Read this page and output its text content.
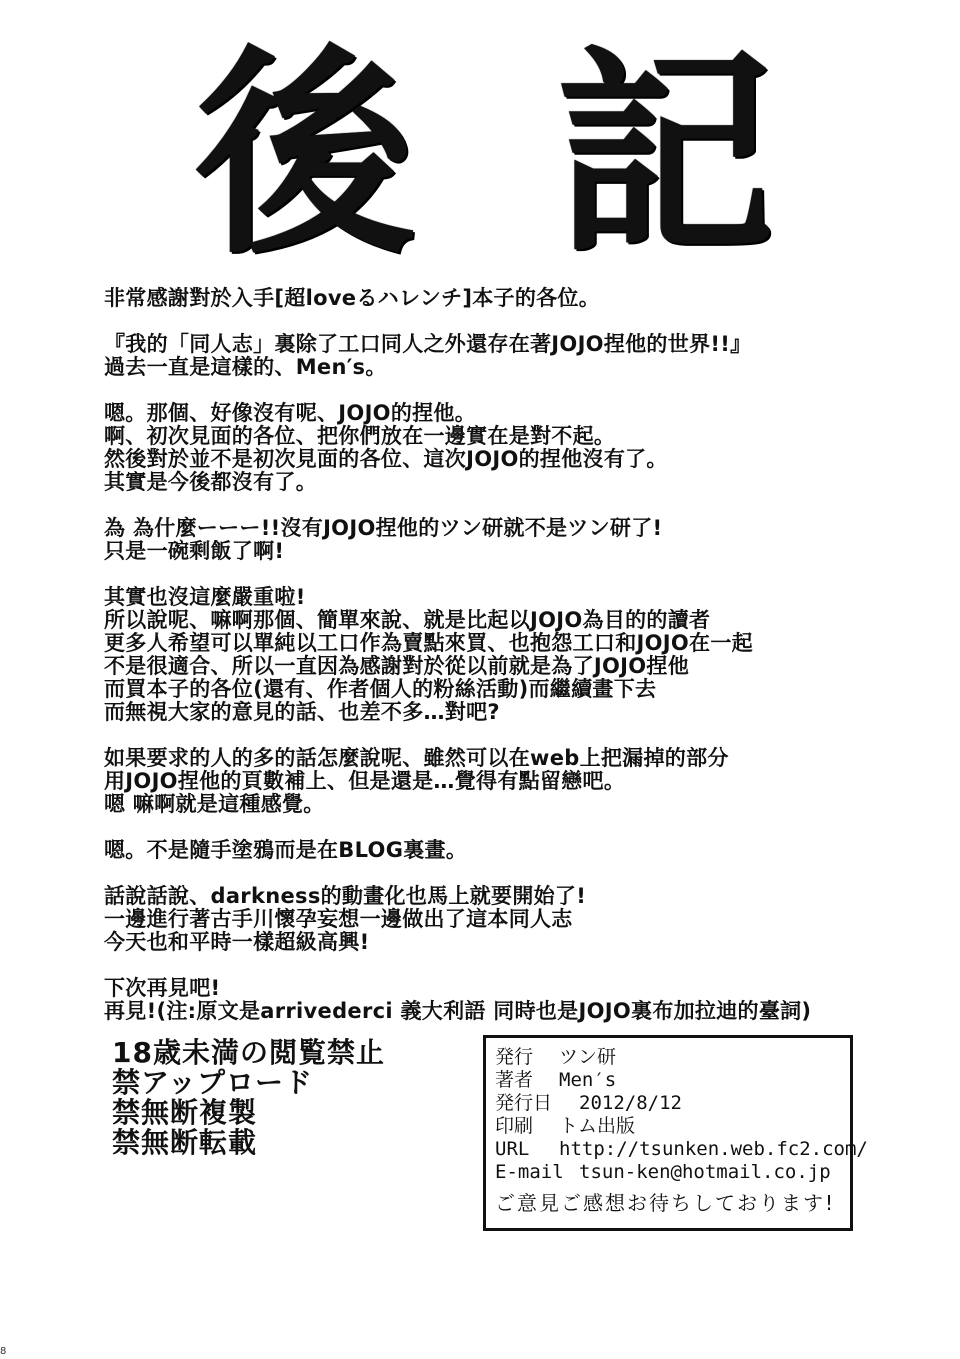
後 記
非常感謝對於入手[超loveるハレンチ]本子的各位。
『我的「同人志」裏除了工口同人之外還存在著JOJO捏他的世界!!』
過去一直是這樣的、Men′s。
嗯。那個、好像沒有呢、JOJO的捏他。
啊、初次見面的各位、把你們放在一邊實在是對不起。
然後對於並不是初次見面的各位、這次JOJO的捏他沒有了。
其實是今後都沒有了。
為 為什麼ーーー!!沒有JOJO捏他的ツン研就不是ツン研了!
只是一碗剩飯了啊!
其實也沒這麼嚴重啦!
所以說呢、嘛啊那個、簡單來說、就是比起以JOJO為目的的讀者
更多人希望可以單純以工口作為賣點來買、也抱怨工口和JOJO在一起
不是很適合、所以一直因為感謝對於從以前就是為了JOJO捏他
而買本子的各位(還有、作者個人的粉絲活動)而繼續畫下去
而無視大家的意見的話、也差不多…對吧?
如果要求的人的多的話怎麼說呢、雖然可以在web上把漏掉的部分
用JOJO捏他的頁數補上、但是還是…覺得有點留戀吧。
嗯 嘛啊就是這種感覺。
嗯。不是隨手塗鴉而是在BLOG裏畫。
話說話說、darkness的動畫化也馬上就要開始了!
一邊進行著古手川懷孕妄想一邊做出了這本同人志
今天也和平時一樣超級高興!
下次再見吧!
再見!(注:原文是arrivederci 義大利語 同時也是JOJO裏布加拉迪的臺詞)
18歳未満の閲覧禁止
禁アップロード
禁無断複製
禁無断転載
発行 ツン研
著者 Men′s
発行日 2012/8/12
印刷 トム出版
URL http://tsunken.web.fc2.com/
E-mail tsun-ken@hotmail.co.jp
ご意見ご感想お待ちしております!
8
